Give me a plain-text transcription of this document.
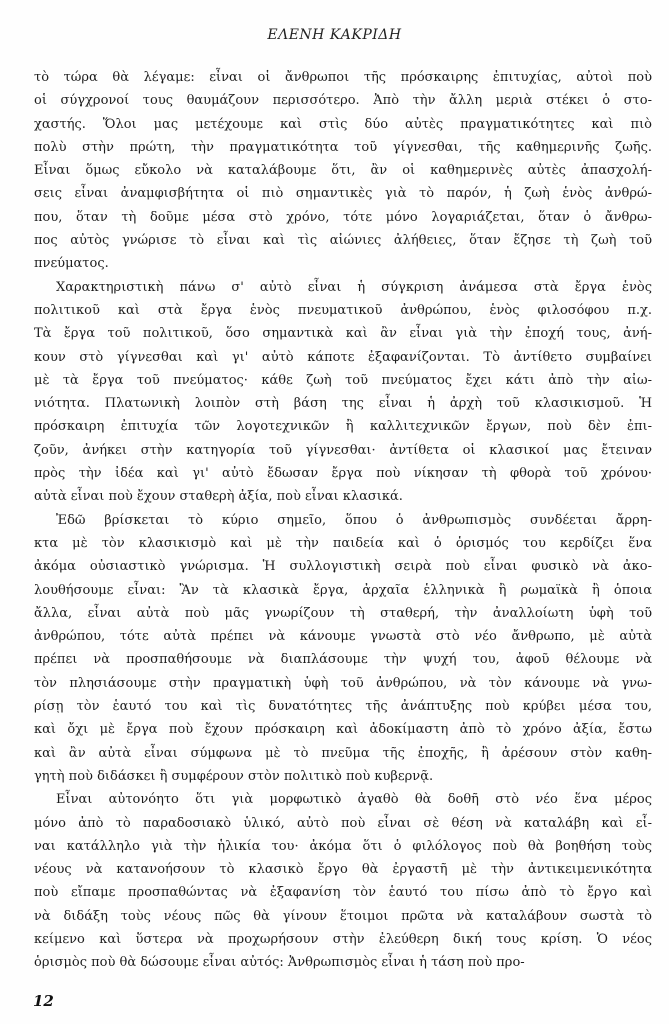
ΕΛΕΝΗ ΚΑΚΡΙΔΗ
τὸ τώρα θὰ λέγαμε: εἶναι οἱ ἄνθρωποι τῆς πρόσκαιρης ἐπιτυχίας, αὐτοὶ ποὺ
οἱ σύγχρονοί τους θαυμάζουν περισσότερο. Ἀπὸ τὴν ἄλλη μεριὰ στέκει ὁ στο-
χαστής. Ὅλοι μας μετέχουμε καὶ στὶς δύο αὐτὲς πραγματικότητες καὶ πιὸ
πολὺ στὴν πρώτη, τὴν πραγματικότητα τοῦ γίγνεσθαι, τῆς καθημερινῆς ζωῆς.
Εἶναι ὅμως εὔκολο νὰ καταλάβουμε ὅτι, ἂν οἱ καθημερινὲς αὐτὲς ἀπασχολή-
σεις εἶναι ἀναμφισβήτητα οἱ πιὸ σημαντικὲς γιὰ τὸ παρόν, ἡ ζωὴ ἑνὸς ἀνθρώ-
που, ὅταν τὴ δοῦμε μέσα στὸ χρόνο, τότε μόνο λογαριάζεται, ὅταν ὁ ἄνθρω-
πος αὐτὸς γνώρισε τὸ εἶναι καὶ τὶς αἰώνιες ἀλήθειες, ὅταν ἔζησε τὴ ζωὴ τοῦ
πνεύματος.
Χαρακτηριστικὴ πάνω σ' αὐτὸ εἶναι ἡ σύγκριση ἀνάμεσα στὰ ἔργα ἑνὸς
πολιτικοῦ καὶ στὰ ἔργα ἑνὸς πνευματικοῦ ἀνθρώπου, ἑνὸς φιλοσόφου π.χ.
Τὰ ἔργα τοῦ πολιτικοῦ, ὅσο σημαντικὰ καὶ ἂν εἶναι γιὰ τὴν ἐποχή τους, ἀνή-
κουν στὸ γίγνεσθαι καὶ γι' αὐτὸ κάποτε ἐξαφανίζονται. Τὸ ἀντίθετο συμβαίνει
μὲ τὰ ἔργα τοῦ πνεύματος· κάθε ζωὴ τοῦ πνεύματος ἔχει κάτι ἀπὸ τὴν αἰω-
νιότητα. Πλατωνικὴ λοιπὸν στὴ βάση της εἶναι ἡ ἀρχὴ τοῦ κλασικισμοῦ. Ἡ
πρόσκαιρη ἐπιτυχία τῶν λογοτεχνικῶν ἢ καλλιτεχνικῶν ἔργων, ποὺ δὲν ἐπι-
ζοῦν, ἀνήκει στὴν κατηγορία τοῦ γίγνεσθαι· ἀντίθετα οἱ κλασικοί μας ἔτειναν
πρὸς τὴν ἰδέα καὶ γι' αὐτὸ ἔδωσαν ἔργα ποὺ νίκησαν τὴ φθορὰ τοῦ χρόνου·
αὐτὰ εἶναι ποὺ ἔχουν σταθερὴ ἀξία, ποὺ εἶναι κλασικά.
Ἐδῶ βρίσκεται τὸ κύριο σημεῖο, ὅπου ὁ ἀνθρωπισμὸς συνδέεται ἄρρη-
κτα μὲ τὸν κλασικισμὸ καὶ μὲ τὴν παιδεία καὶ ὁ ὁρισμός του κερδίζει ἕνα
ἀκόμα οὐσιαστικὸ γνώρισμα. Ἡ συλλογιστικὴ σειρὰ ποὺ εἶναι φυσικὸ νὰ ἀκο-
λουθήσουμε εἶναι: Ἂν τὰ κλασικὰ ἔργα, ἀρχαῖα ἑλληνικὰ ἢ ρωμαϊκὰ ἢ ὁποια
ἄλλα, εἶναι αὐτὰ ποὺ μᾶς γνωρίζουν τὴ σταθερή, τὴν ἀναλλοίωτη ὑφὴ τοῦ
ἀνθρώπου, τότε αὐτὰ πρέπει νὰ κάνουμε γνωστὰ στὸ νέο ἄνθρωπο, μὲ αὐτὰ
πρέπει νὰ προσπαθήσουμε νὰ διαπλάσουμε τὴν ψυχή του, ἀφοῦ θέλουμε νὰ
τὸν πλησιάσουμε στὴν πραγματικὴ ὑφὴ τοῦ ἀνθρώπου, νὰ τὸν κάνουμε νὰ γνω-
ρίσῃ τὸν ἑαυτό του καὶ τὶς δυνατότητες τῆς ἀνάπτυξης ποὺ κρύβει μέσα του,
καὶ ὄχι μὲ ἔργα ποὺ ἔχουν πρόσκαιρη καὶ ἀδοκίμαστη ἀπὸ τὸ χρόνο ἀξία, ἔστω
καὶ ἂν αὐτὰ εἶναι σύμφωνα μὲ τὸ πνεῦμα τῆς ἐποχῆς, ἢ ἀρέσουν στὸν καθη-
γητὴ ποὺ διδάσκει ἢ συμφέρουν στὸν πολιτικὸ ποὺ κυβερνᾷ.
Εἶναι αὐτονόητο ὅτι γιὰ μορφωτικὸ ἀγαθὸ θὰ δοθῆ στὸ νέο ἕνα μέρος
μόνο ἀπὸ τὸ παραδοσιακὸ ὑλικό, αὐτὸ ποὺ εἶναι σὲ θέση νὰ καταλάβη καὶ εἶ-
ναι κατάλληλο γιὰ τὴν ἡλικία του· ἀκόμα ὅτι ὁ φιλόλογος ποὺ θὰ βοηθήση τοὺς
νέους νὰ κατανοήσουν τὸ κλασικὸ ἔργο θὰ ἐργαστῆ μὲ τὴν ἀντικειμενικότητα
ποὺ εἴπαμε προσπαθώντας νὰ ἐξαφανίση τὸν ἑαυτό του πίσω ἀπὸ τὸ ἔργο καὶ
νὰ διδάξη τοὺς νέους πῶς θὰ γίνουν ἕτοιμοι πρῶτα νὰ καταλάβουν σωστὰ τὸ
κείμενο καὶ ὕστερα νὰ προχωρήσουν στὴν ἐλεύθερη δική τους κρίση. Ὁ νέος
ὁρισμὸς ποὺ θὰ δώσουμε εἶναι αὐτός: Ἀνθρωπισμὸς εἶναι ἡ τάση ποὺ προ-
12
